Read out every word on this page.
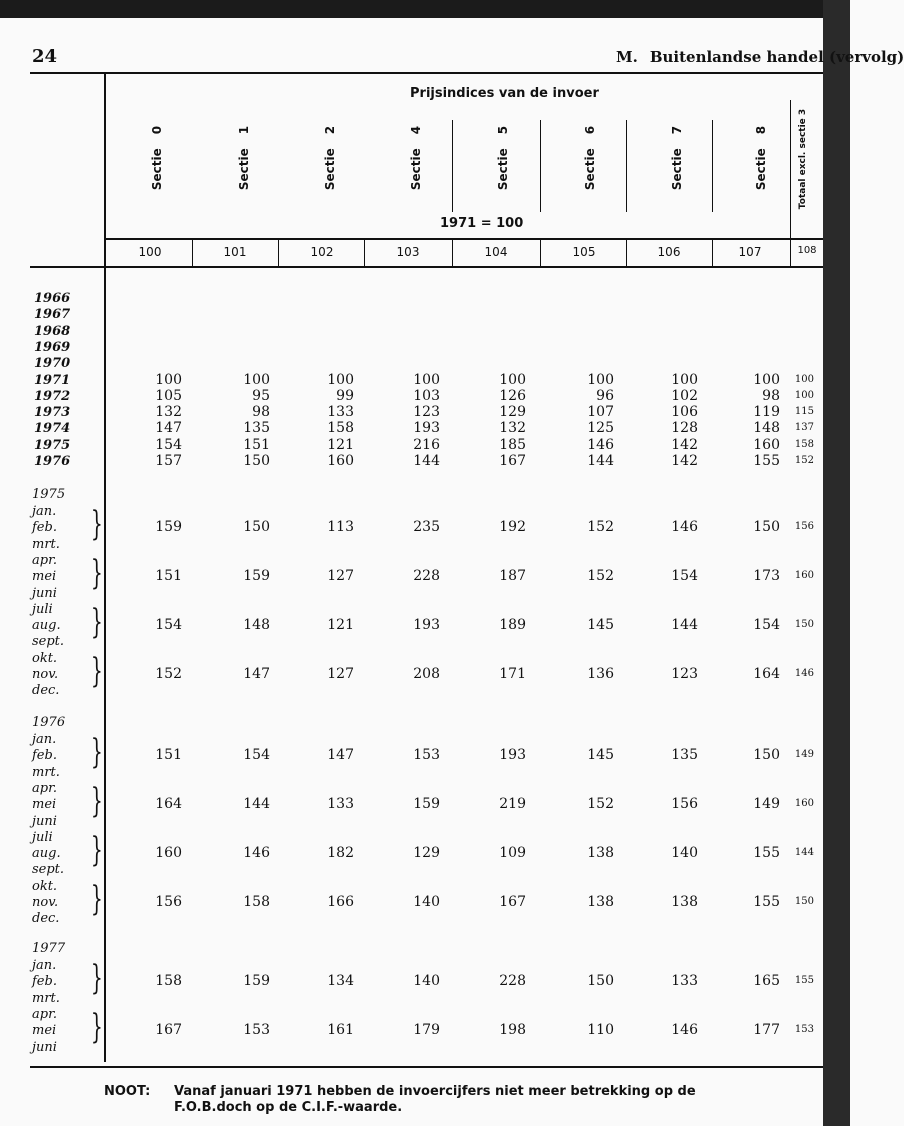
24	M. Buitenlandse handel (vervolg)
Prijsindices van de invoer
Sectie
0
Sectie
1
Sectie
2
Sectie
4
Sectie
5
Sectie
6
Sectie
7
Sectie
8	Totaal excl. sectie 3
1971 = 100
100	101	102	103	104	105	106	107	108
1966
1967
1968
1969
1970
1971	100	100	100	100	100	100	100	100 100
1972	105	95	99	103	126	96	102	98 100
1973	132	98	133	123	129	107	106	119 115
1974	147	135	158	193	132	125	128	148 137
1975	154	151	121	216	185	146	142	160 158
1976	157	150	160	144	167	144	142	155 152
1975
jan.
feb.
mrt.
apr.
mei
juni
juli
aug.
sept.
okt.
nov.
dec.
}	159	150	113	235	192	152	146	150 156
}	151	159	127	228	187	152	154	173 160
}	154	148	121	193	189	145	144	154 150
}	152	147	127	208	171	136	123	164 146
1976
jan.
feb.
mrt.
apr.
mei
juni
juli
aug.
sept.
okt.
nov.
dec.
}	151	154	147	153	193	145	135	150 149
}	164	144	133	159	219	152	156	149 160
}	160	146	182	129	109	138	140	155 144
}	156	158	166	140	167	138	138	155 150
1977
jan.
feb.
mrt.
apr.
mei
juni
}	158	159	134	140	228	150	133	165 155
}	167	153	161	179	198	110	146	177 153
NOOT: Vanaf januari 1971 hebben de invoercijfers niet meer betrekking op de
F.O.B.doch op de C.I.F.-waarde.
